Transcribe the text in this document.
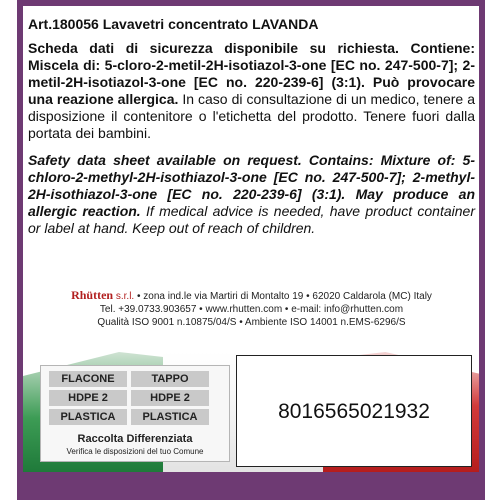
Art.180056 Lavavetri concentrato LAVANDA

Scheda dati di sicurezza disponibile su richiesta. Contiene: Miscela di: 5-cloro-2-metil-2H-isotiazol-3-one [EC no. 247-500-7]; 2-metil-2H-isotiazol-3-one [EC no. 220-239-6] (3:1). Può provocare una reazione allergica. In caso di consultazione di un medico, tenere a disposizione il contenitore o l'etichetta del prodotto. Tenere fuori dalla portata dei bambini.

Safety data sheet available on request. Contains: Mixture of: 5-chloro-2-methyl-2H-isothiazol-3-one [EC no. 247-500-7]; 2-methyl-2H-isothiazol-3-one [EC no. 220-239-6] (3:1). May produce an allergic reaction. If medical advice is needed, have product container or label at hand. Keep out of reach of children.

Rhütten s.r.l. • zona ind.le via Martiri di Montalto 19 • 62020 Caldarola (MC) Italy
Tel. +39.0733.903657 • www.rhutten.com • e-mail: info@rhutten.com
Qualità ISO 9001 n.10875/04/S • Ambiente ISO 14001 n.EMS-6296/S
FLACONE
HDPE 2
PLASTICA
TAPPO
HDPE 2
PLASTICA
Raccolta Differenziata
Verifica le disposizioni del tuo Comune
8016565021932
